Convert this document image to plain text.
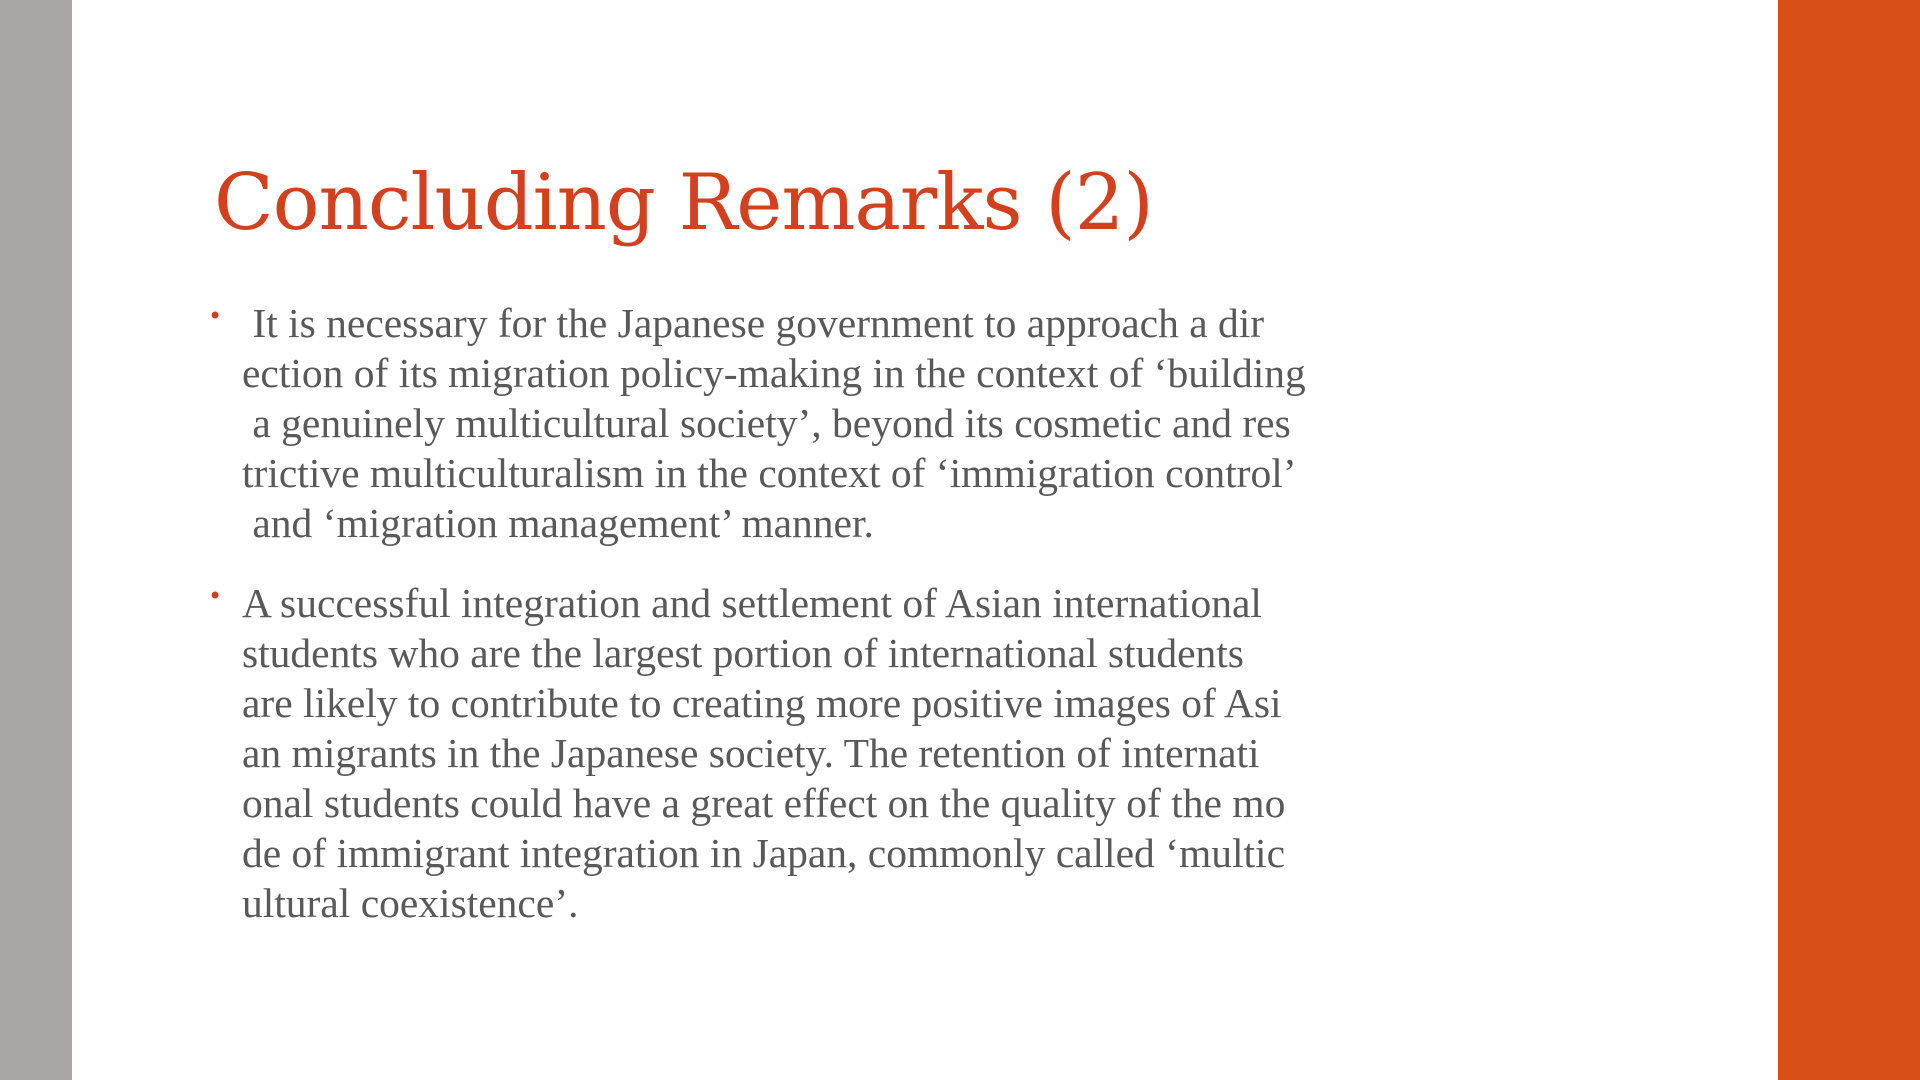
Concluding Remarks (2)
• It is necessary for the Japanese government to approach a dir
ection of its migration policy-making in the context of ‘building
a genuinely multicultural society’, beyond its cosmetic and res
trictive multiculturalism in the context of ‘immigration control’
and ‘migration management’ manner.
• A successful integration and settlement of Asian international
students who are the largest portion of international students
are likely to contribute to creating more positive images of Asi
an migrants in the Japanese society. The retention of internati
onal students could have a great effect on the quality of the mo
de of immigrant integration in Japan, commonly called ‘multic
ultural coexistence’.
